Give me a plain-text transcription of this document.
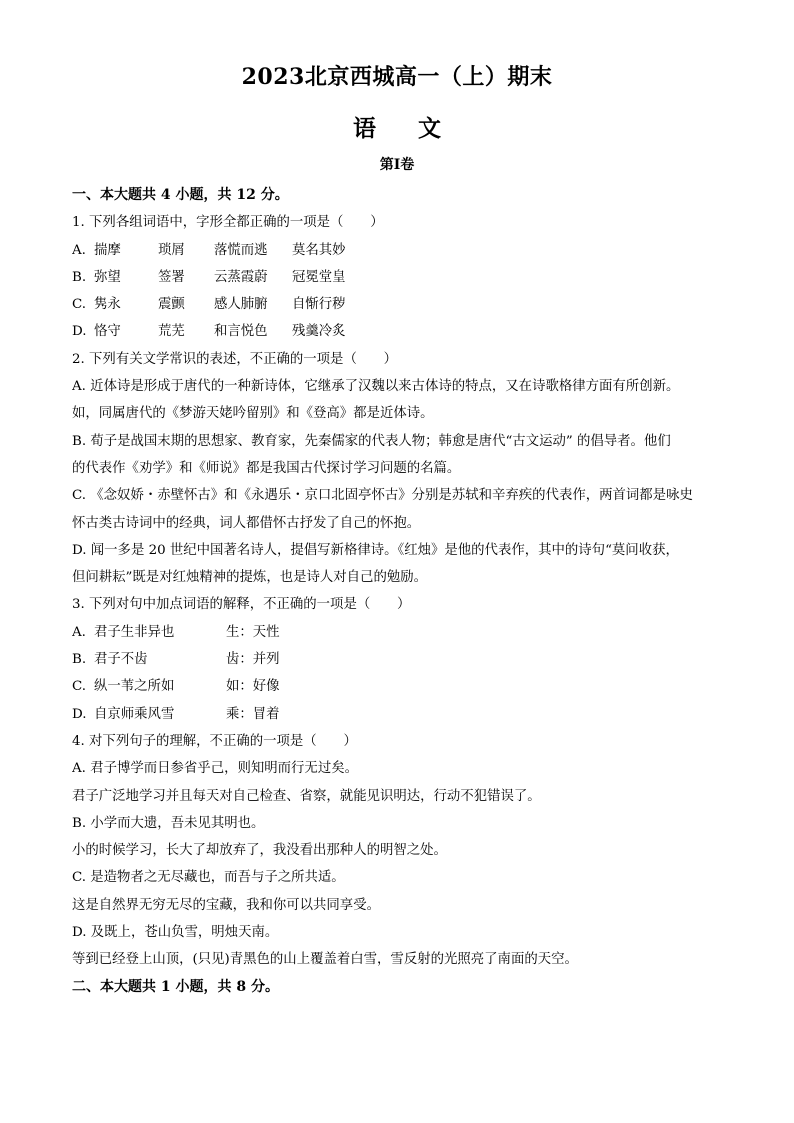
2023北京西城高一（上）期末
语文
第Ⅰ卷
一、本大题共 4 小题，共 12 分。
1. 下列各组词语中，字形全都正确的一项是（　　）
A. 揣摩	琐屑	落慌而逃	莫名其妙
B. 弥望	签署	云蒸霞蔚	冠冕堂皇
C. 隽永	震颤	感人肺腑	自惭行秽
D. 恪守	荒芜	和言悦色	残羹冷炙
2. 下列有关文学常识的表述，不正确的一项是（　　）
A. 近体诗是形成于唐代的一种新诗体，它继承了汉魏以来古体诗的特点，又在诗歌格律方面有所创新。
如，同属唐代的《梦游天姥吟留别》和《登高》都是近体诗。
B. 荀子是战国末期的思想家、教育家，先秦儒家的代表人物；韩愈是唐代“古文运动” 的倡导者。他们
的代表作《劝学》和《师说》都是我国古代探讨学习问题的名篇。
C. 《念奴娇・赤壁怀古》和《永遇乐・京口北固亭怀古》分别是苏轼和辛弃疾的代表作，两首词都是咏史
怀古类古诗词中的经典，词人都借怀古抒发了自己的怀抱。
D. 闻一多是 20 世纪中国著名诗人，提倡写新格律诗。《红烛》是他的代表作，其中的诗句“莫问收获，
但问耕耘”既是对红烛精神的提炼，也是诗人对自己的勉励。
3. 下列对句中加点词语的解释，不正确的一项是（　　）
A. 君子生非异也	生：天性
B. 君子不齿	齿：并列
C. 纵一苇之所如	如：好像
D. 自京师乘风雪	乘：冒着
4. 对下列句子的理解，不正确的一项是（　　）
A. 君子博学而日参省乎己，则知明而行无过矣。
君子广泛地学习并且每天对自己检查、省察，就能见识明达，行动不犯错误了。
B. 小学而大遗，吾未见其明也。
小的时候学习，长大了却放弃了，我没看出那种人的明智之处。
C. 是造物者之无尽藏也，而吾与子之所共适。
这是自然界无穷无尽的宝藏，我和你可以共同享受。
D. 及既上，苍山负雪，明烛天南。
等到已经登上山顶，(只见)青黑色的山上覆盖着白雪，雪反射的光照亮了南面的天空。
二、本大题共 1 小题，共 8 分。
